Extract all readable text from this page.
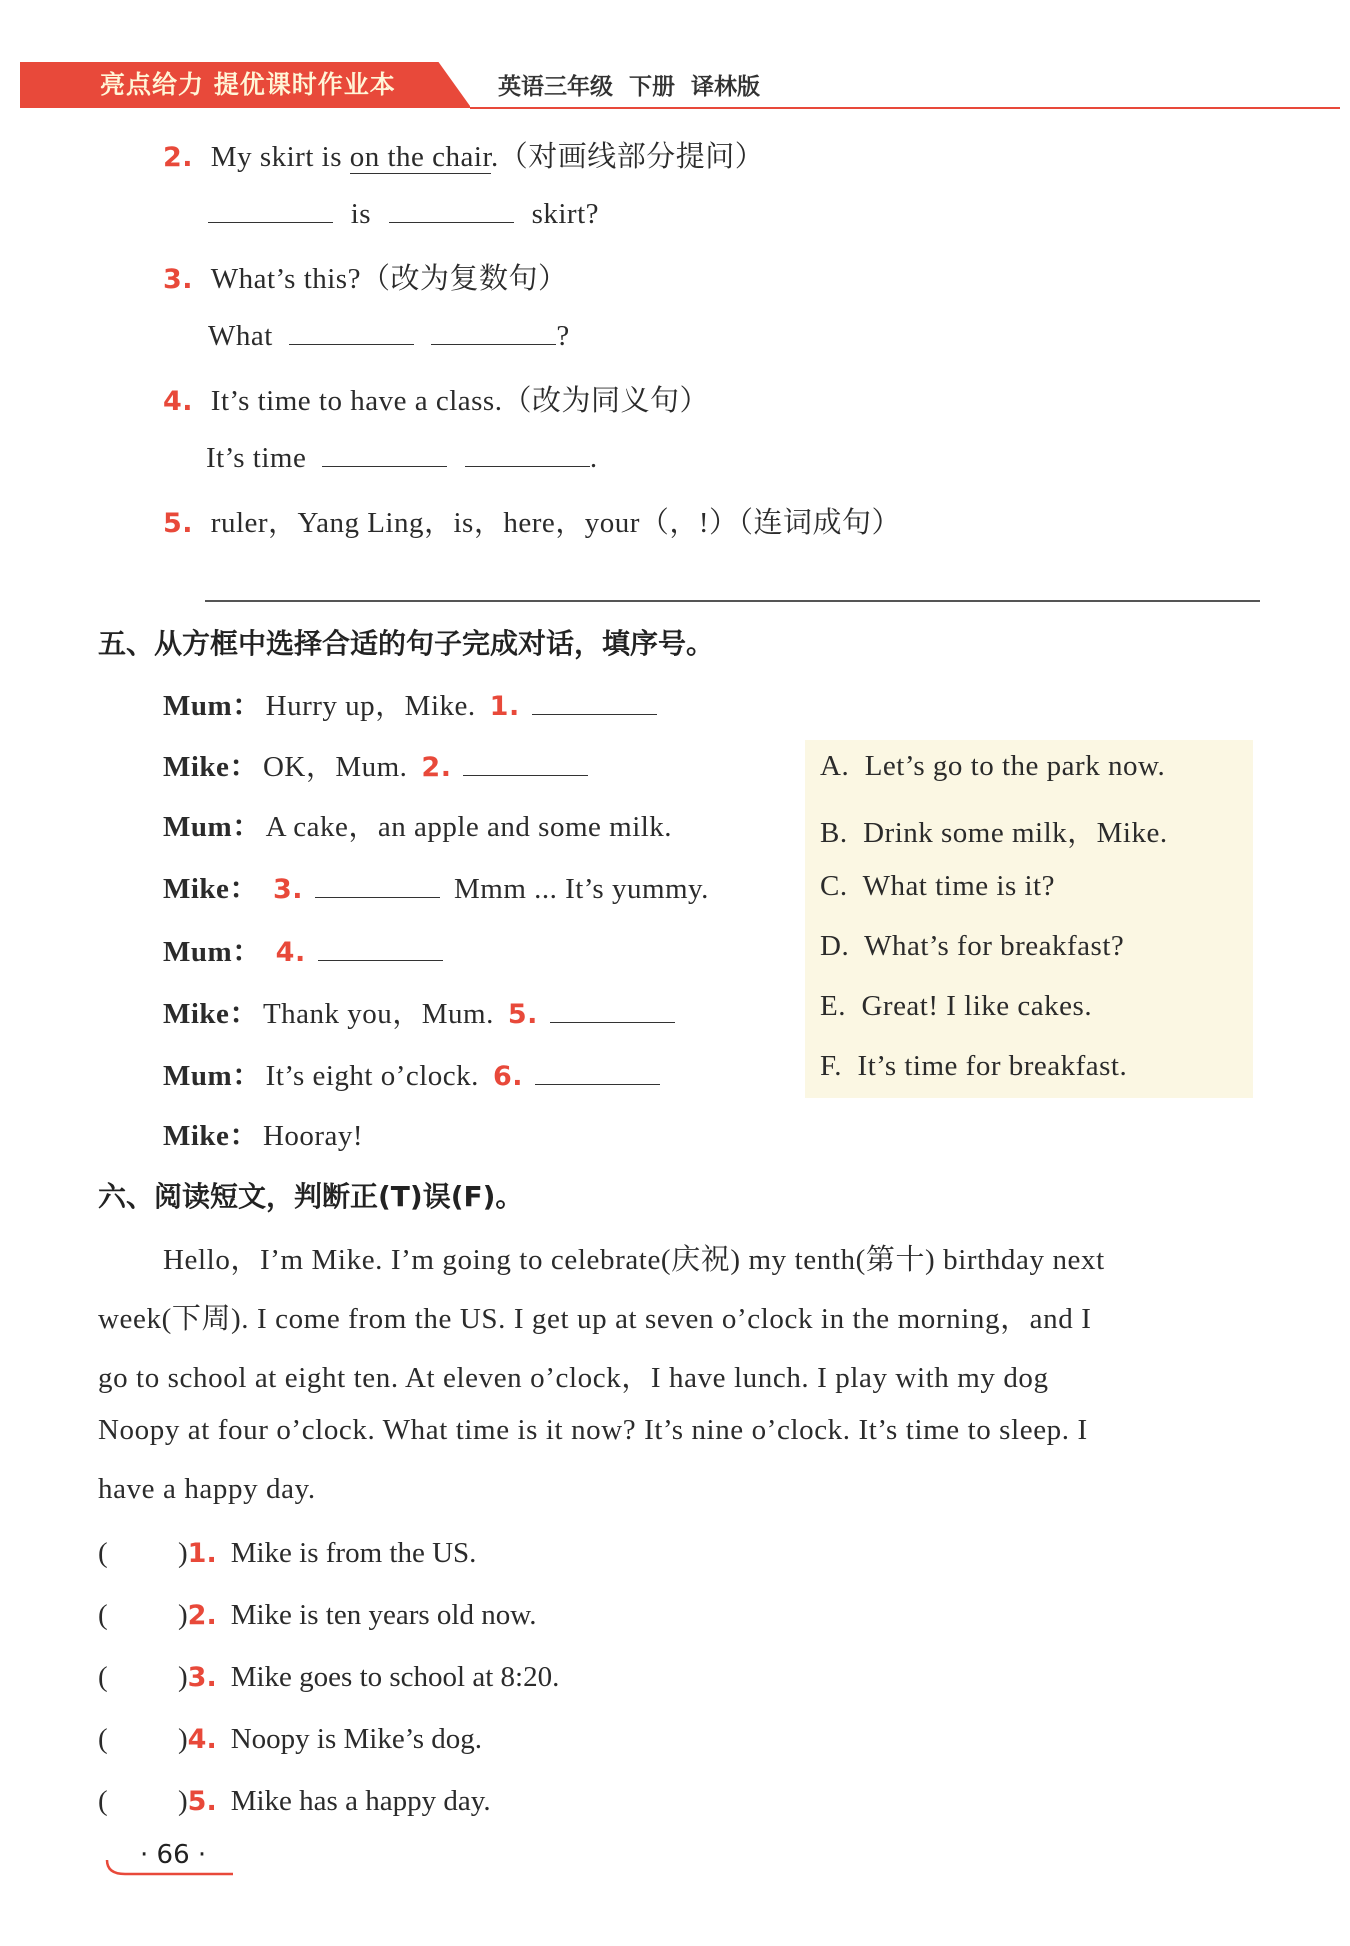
亮点给力 提优课时作业本	英语三年级  下册  译林版
2. My skirt is on the chair.（对画线部分提问）
is	skirt?
3. What’s this?（改为复数句）
What	?
4. It’s time to have a class.（改为同义句）
It’s time	.
5. ruler，Yang Ling，is，here，your（，!）（连词成句）
五、从方框中选择合适的句子完成对话，填序号。
Mum： Hurry up，Mike. 1.
Mike： OK，Mum. 2.
Mum： A cake，an apple and some milk.
Mike： 3.	Mmm ... It’s yummy.
Mum： 4.
Mike： Thank you，Mum. 5.
Mum： It’s eight o’clock. 6.
Mike： Hooray!
A.  Let’s go to the park now.
B.  Drink some milk，Mike.
C.  What time is it?
D.  What’s for breakfast?
E.  Great! I like cakes.
F.  It’s time for breakfast.
六、阅读短文，判断正(T)误(F)。
Hello，I’m Mike. I’m going to celebrate(庆祝) my tenth(第十) birthday next
week(下周). I come from the US. I get up at seven o’clock in the morning，and I
go to school at eight ten. At eleven o’clock，I have lunch. I play with my dog
Noopy at four o’clock. What time is it now? It’s nine o’clock. It’s time to sleep. I
have a happy day.
( )1. Mike is from the US.
( )2. Mike is ten years old now.
( )3. Mike goes to school at 8:20.
( )4. Noopy is Mike’s dog.
( )5. Mike has a happy day.
· 66 ·
